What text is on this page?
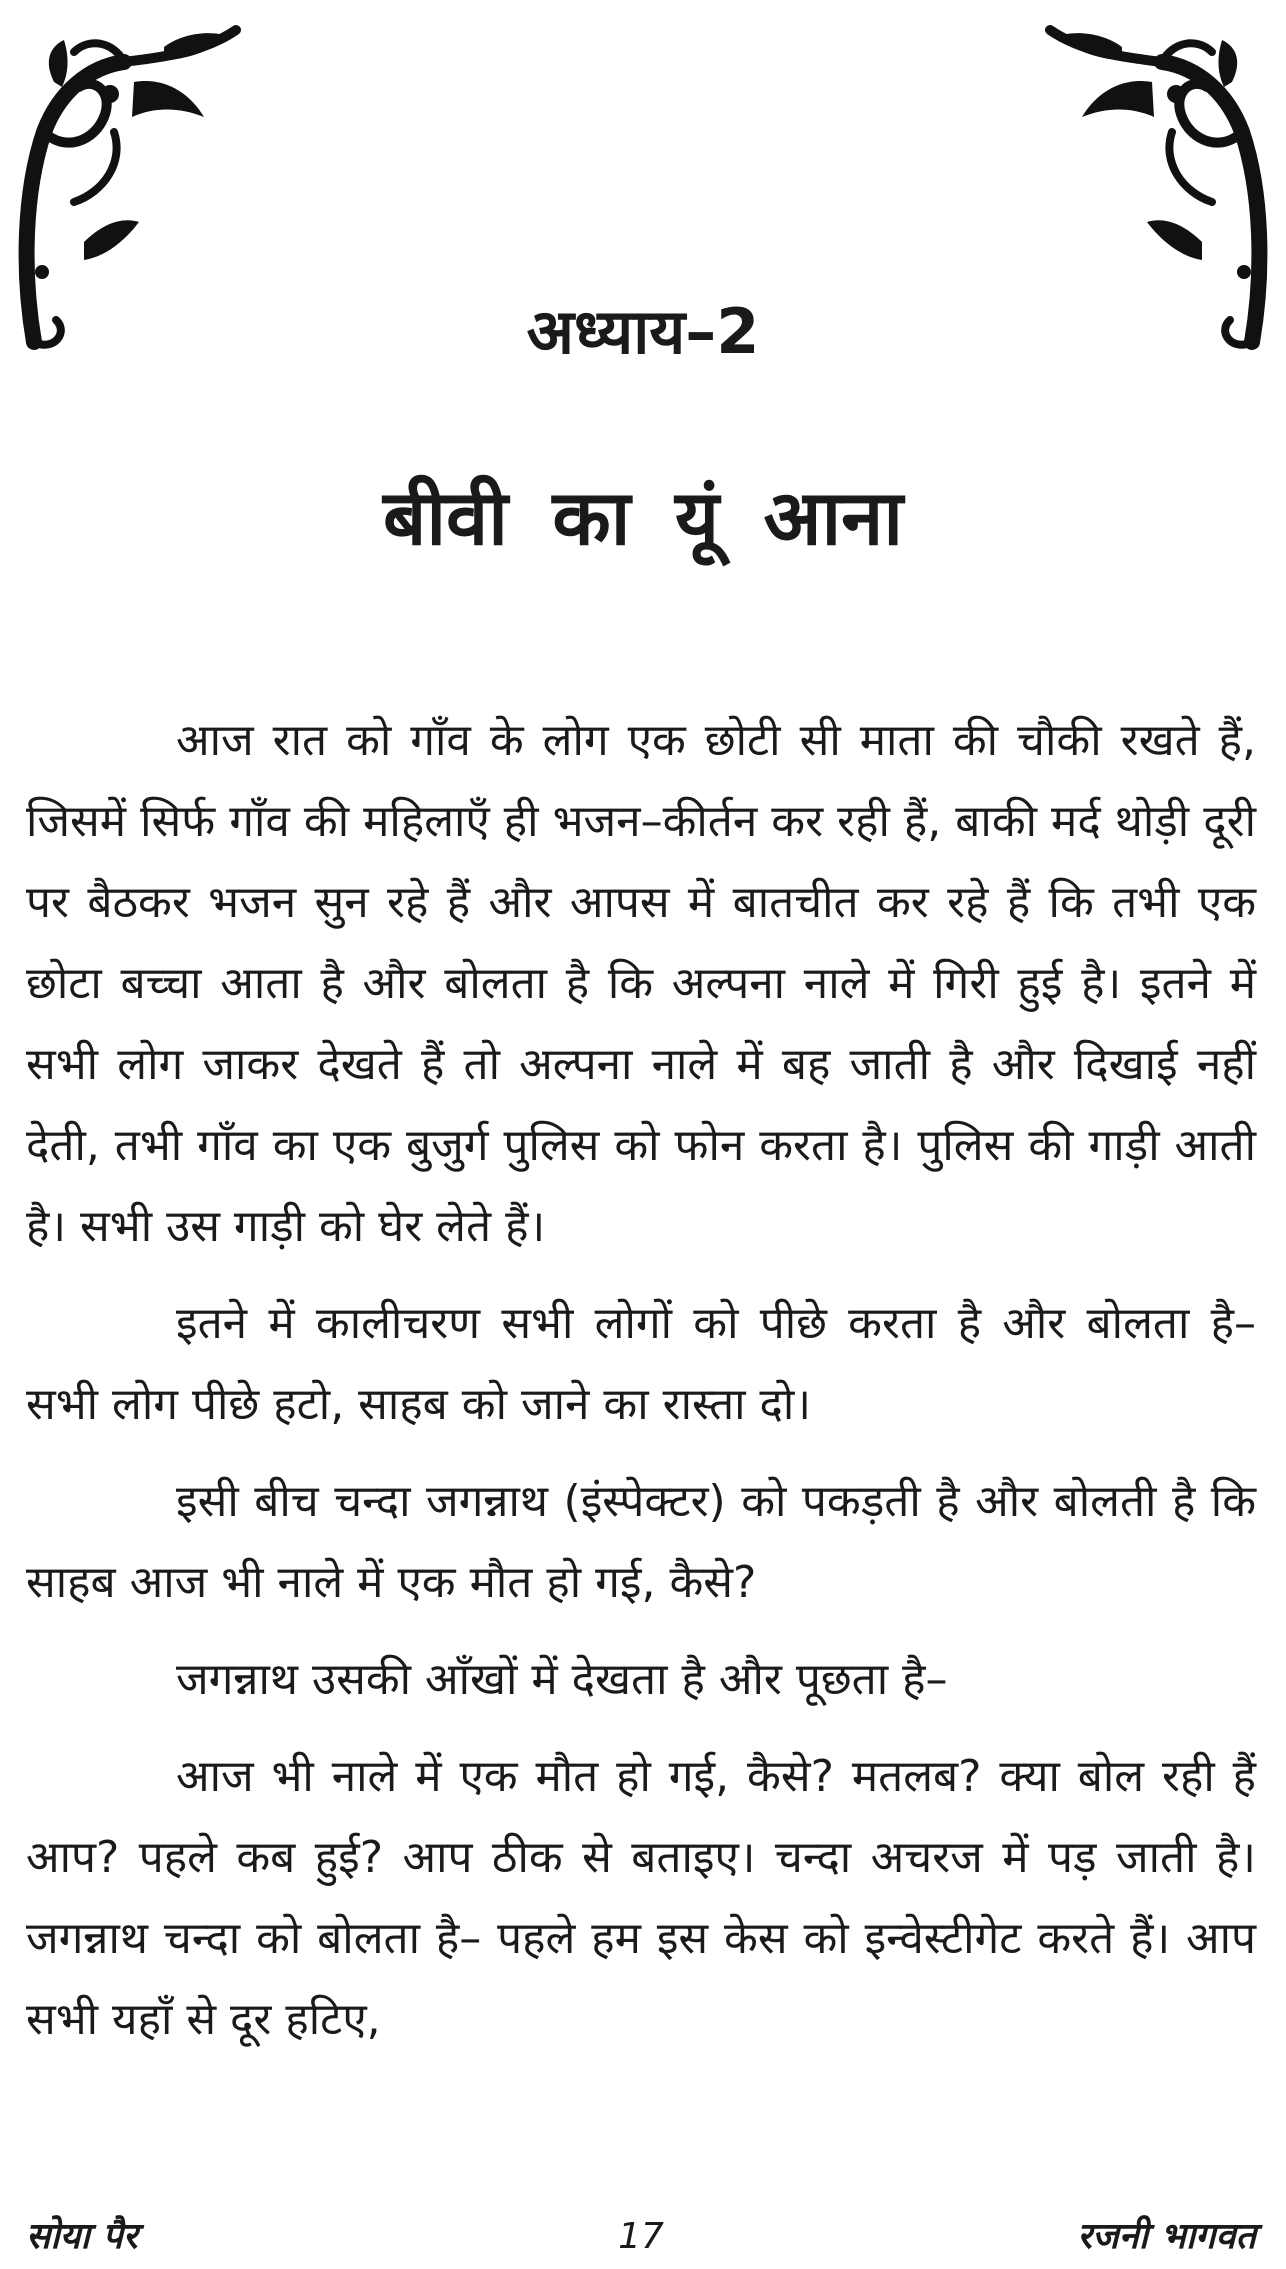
अध्याय–2
बीवी का यूं आना

आज रात को गाँव के लोग एक छोटी सी माता की चौकी रखते हैं, जिसमें सिर्फ गाँव की महिलाएँ ही भजन–कीर्तन कर रही हैं, बाकी मर्द थोड़ी दूरी पर बैठकर भजन सुन रहे हैं और आपस में बातचीत कर रहे हैं कि तभी एक छोटा बच्चा आता है और बोलता है कि अल्पना नाले में गिरी हुई है। इतने में सभी लोग जाकर देखते हैं तो अल्पना नाले में बह जाती है और दिखाई नहीं देती, तभी गाँव का एक बुजुर्ग पुलिस को फोन करता है। पुलिस की गाड़ी आती है। सभी उस गाड़ी को घेर लेते हैं।

इतने में कालीचरण सभी लोगों को पीछे करता है और बोलता है– सभी लोग पीछे हटो, साहब को जाने का रास्ता दो।

इसी बीच चन्दा जगन्नाथ (इंस्पेक्टर) को पकड़ती है और बोलती है कि साहब आज भी नाले में एक मौत हो गई, कैसे?

जगन्नाथ उसकी आँखों में देखता है और पूछता है–

आज भी नाले में एक मौत हो गई, कैसे? मतलब? क्या बोल रही हैं आप? पहले कब हुई? आप ठीक से बताइए। चन्दा अचरज में पड़ जाती है। जगन्नाथ चन्दा को बोलता है– पहले हम इस केस को इन्वेस्टीगेट करते हैं। आप सभी यहाँ से दूर हटिए,

17
सोया पैर	रजनी भागवत
